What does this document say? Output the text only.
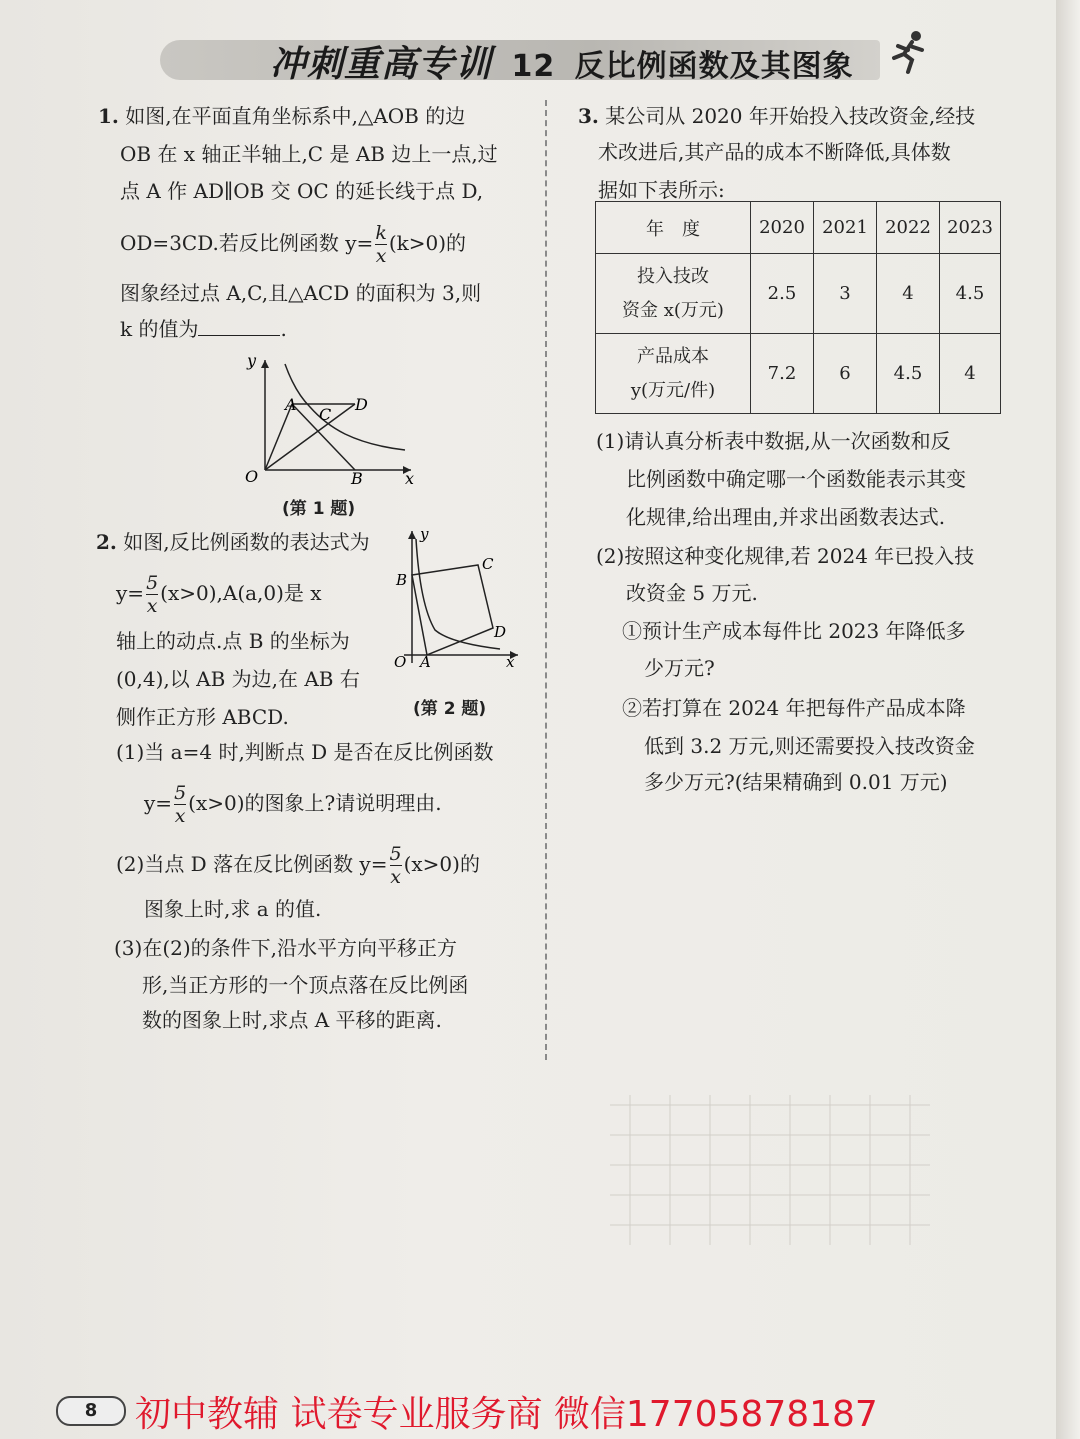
冲刺重高专训 12 反比例函数及其图象
1. 如图,在平面直角坐标系中,△AOB 的边
OB 在 x 轴正半轴上,C 是 AB 边上一点,过
点 A 作 AD∥OB 交 OC 的延长线于点 D,
OD=3CD.若反比例函数 $y= \frac{k}{x} (k>0)$的
图象经过点 A,C,且△ACD 的面积为 3,则
k 的值为	.
y
x
O
A
B
C
D
(第 1 题)
2. 如图,反比例函数的表达式为
$y= \frac{5}{x} (x>0),A(a,0)$是 x
轴上的动点.点 B 的坐标为
(0,4),以 AB 为边,在 AB 右
侧作正方形 ABCD.
(1)当 a=4 时,判断点 D 是否在反比例函数
$y= \frac{5}{x} (x>0)$的图象上?请说明理由.
(2)当点 D 落在反比例函数 $y= \frac{5}{x} (x>0)$的
图象上时,求 a 的值.
(3)在(2)的条件下,沿水平方向平移正方
形,当正方形的一个顶点落在反比例函
数的图象上时,求点 A 平移的距离.
y
x
O A
B
C
D
(第 2 题)
3. 某公司从 2020 年开始投入技改资金,经技
术改进后,其产品的成本不断降低,具体数
据如下表所示:
年　度	2020	2021	2022	2023

投入技改
资金 x(万元)	2.5	3	4	4.5

产品成本
y(万元/件)	7.2	6	4.5	4
(1)请认真分析表中数据,从一次函数和反
比例函数中确定哪一个函数能表示其变
化规律,给出理由,并求出函数表达式.
(2)按照这种变化规律,若 2024 年已投入技
改资金 5 万元.
①预计生产成本每件比 2023 年降低多
少万元?
②若打算在 2024 年把每件产品成本降
低到 3.2 万元,则还需要投入技改资金
多少万元?(结果精确到 0.01 万元)
8	初中教辅 试卷专业服务商 微信17705878187
